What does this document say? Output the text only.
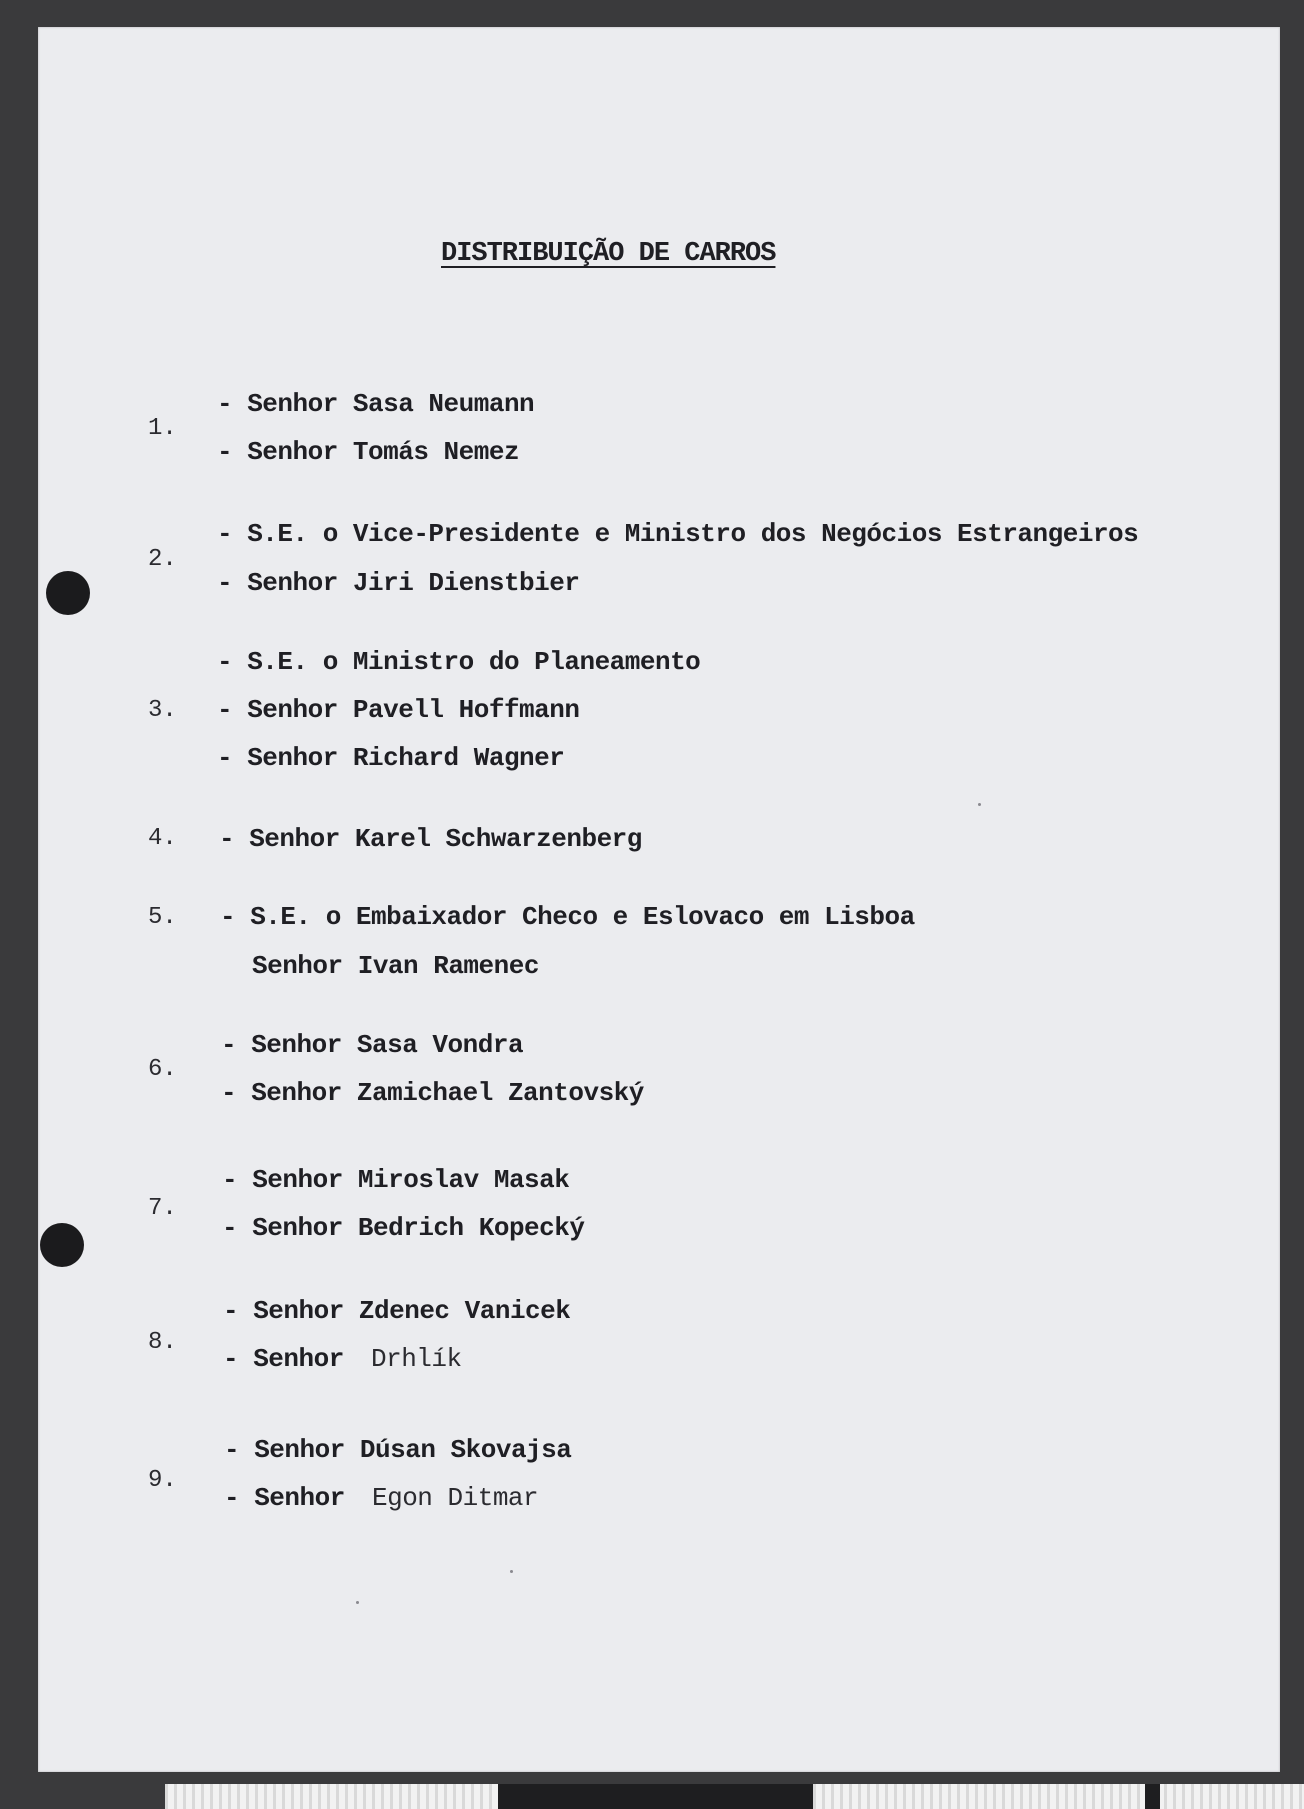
DISTRIBUIÇÃO DE CARROS
1.
- Senhor Sasa Neumann
- Senhor Tomás Nemez
2.
- S.E. o Vice-Presidente e Ministro dos Negócios Estrangeiros
- Senhor Jiri Dienstbier
3.
- S.E. o Ministro do Planeamento
- Senhor Pavell Hoffmann
- Senhor Richard Wagner
4. - Senhor Karel Schwarzenberg
5. - S.E. o Embaixador Checo e Eslovaco em Lisboa
Senhor Ivan Ramenec
6.
- Senhor Sasa Vondra
- Senhor Zamichael Zantovský
7.
- Senhor Miroslav Masak
- Senhor Bedrich Kopecký
8.
- Senhor Zdenec Vanicek
- Senhor Drhlík
9.
- Senhor Dúsan Skovajsa
- Senhor Egon Ditmar
